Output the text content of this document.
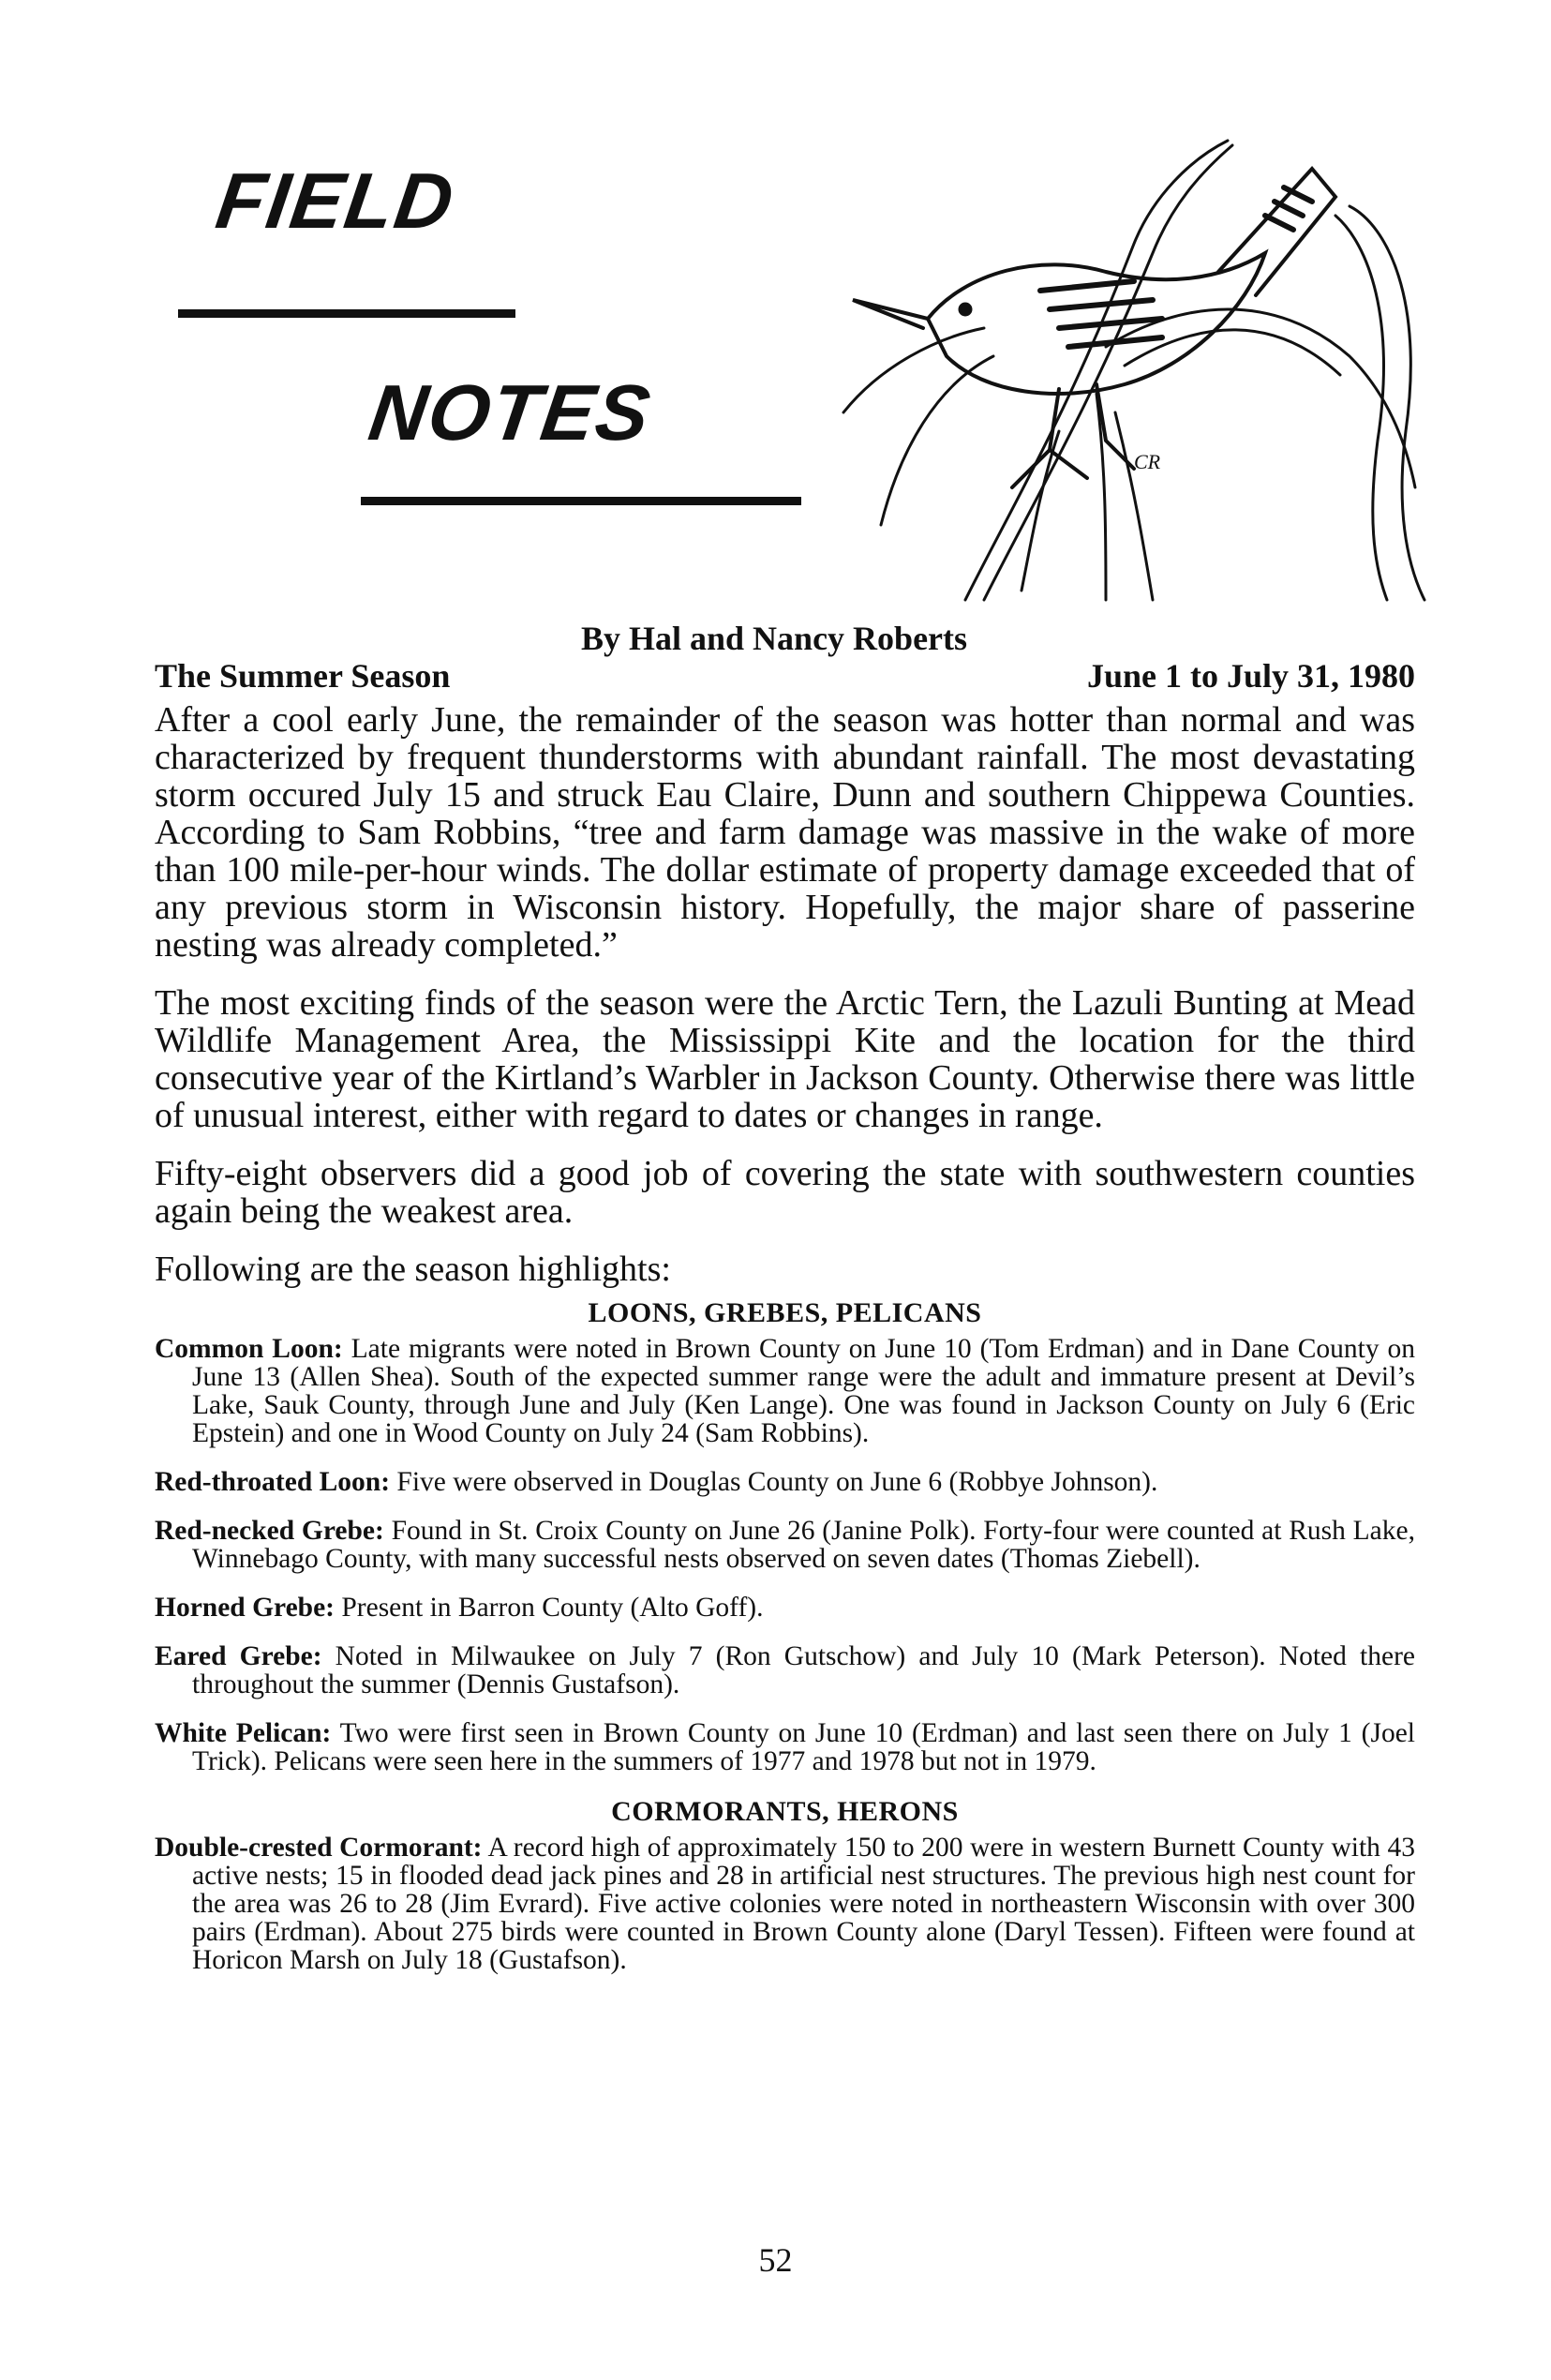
FIELD
NOTES
CR
By Hal and Nancy Roberts
The Summer Season	June 1 to July 31, 1980

After a cool early June, the remainder of the season was hotter than normal and was characterized by frequent thunderstorms with abundant rainfall. The most devastating storm occured July 15 and struck Eau Claire, Dunn and southern Chippewa Counties. According to Sam Robbins, “tree and farm damage was massive in the wake of more than 100 mile-per-hour winds. The dollar estimate of property damage exceeded that of any previous storm in Wisconsin history. Hopefully, the major share of passerine nesting was already completed.”

The most exciting finds of the season were the Arctic Tern, the Lazuli Bunting at Mead Wildlife Management Area, the Mississippi Kite and the location for the third consecutive year of the Kirtland’s Warbler in Jackson County. Otherwise there was little of unusual interest, either with regard to dates or changes in range.

Fifty-eight observers did a good job of covering the state with southwestern counties again being the weakest area.

Following are the season highlights:

LOONS, GREBES, PELICANS

Common Loon: Late migrants were noted in Brown County on June 10 (Tom Erdman) and in Dane County on June 13 (Allen Shea). South of the expected summer range were the adult and immature present at Devil’s Lake, Sauk County, through June and July (Ken Lange). One was found in Jackson County on July 6 (Eric Epstein) and one in Wood County on July 24 (Sam Robbins).

Red-throated Loon: Five were observed in Douglas County on June 6 (Robbye Johnson).

Red-necked Grebe: Found in St. Croix County on June 26 (Janine Polk). Forty-four were counted at Rush Lake, Winnebago County, with many successful nests observed on seven dates (Thomas Ziebell).

Horned Grebe: Present in Barron County (Alto Goff).

Eared Grebe: Noted in Milwaukee on July 7 (Ron Gutschow) and July 10 (Mark Peterson). Noted there throughout the summer (Dennis Gustafson).

White Pelican: Two were first seen in Brown County on June 10 (Erdman) and last seen there on July 1 (Joel Trick). Pelicans were seen here in the summers of 1977 and 1978 but not in 1979.

CORMORANTS, HERONS

Double-crested Cormorant: A record high of approximately 150 to 200 were in western Burnett County with 43 active nests; 15 in flooded dead jack pines and 28 in artificial nest structures. The previous high nest count for the area was 26 to 28 (Jim Evrard). Five active colonies were noted in northeastern Wisconsin with over 300 pairs (Erdman). About 275 birds were counted in Brown County alone (Daryl Tessen). Fifteen were found at Horicon Marsh on July 18 (Gustafson).

52
